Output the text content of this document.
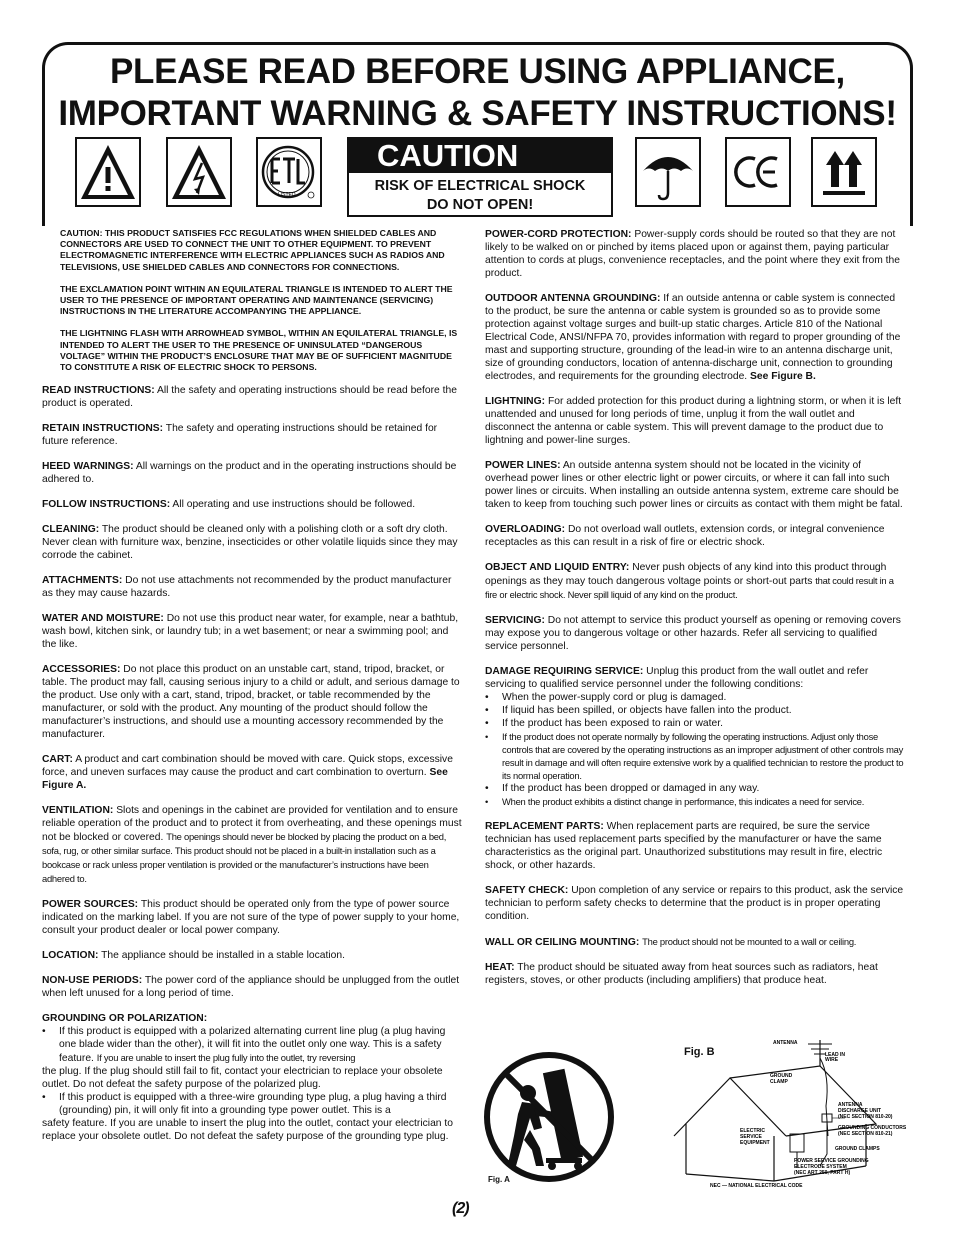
PLEASE READ BEFORE USING APPLIANCE,
IMPORTANT WARNING & SAFETY INSTRUCTIONS!
LISTED
CAUTION
RISK OF ELECTRICAL SHOCK
DO NOT OPEN!
CAUTION: THIS PRODUCT SATISFIES FCC REGULATIONS WHEN SHIELDED CABLES AND CONNECTORS ARE USED TO CONNECT THE UNIT TO OTHER EQUIPMENT. TO PREVENT ELECTROMAGNETIC INTERFERENCE WITH ELECTRIC APPLIANCES SUCH AS RADIOS AND TELEVISIONS, USE SHIELDED CABLES AND CONNECTORS FOR CONNECTIONS.
THE EXCLAMATION POINT WITHIN AN EQUILATERAL TRIANGLE IS INTENDED TO ALERT THE USER TO THE PRESENCE OF IMPORTANT OPERATING AND MAINTENANCE (SERVICING) INSTRUCTIONS IN THE LITERATURE ACCOMPANYING THE APPLIANCE.
THE LIGHTNING FLASH WITH ARROWHEAD SYMBOL, WITHIN AN EQUILATERAL TRIANGLE, IS INTENDED TO ALERT THE USER TO THE PRESENCE OF UNINSULATED “DANGEROUS VOLTAGE” WITHIN THE PRODUCT’S ENCLOSURE THAT MAY BE OF SUFFICIENT MAGNITUDE TO CONSTITUTE A RISK OF ELECTRIC SHOCK TO PERSONS.
READ INSTRUCTIONS: All the safety and operating instructions should be read before the product is operated.
RETAIN INSTRUCTIONS: The safety and operating instructions should be retained for future reference.
HEED WARNINGS: All warnings on the product and in the operating instructions should be adhered to.
FOLLOW INSTRUCTIONS: All operating and use instructions should be followed.
CLEANING: The product should be cleaned only with a polishing cloth or a soft dry cloth. Never clean with furniture wax, benzine, insecticides or other volatile liquids since they may corrode the cabinet.
ATTACHMENTS: Do not use attachments not recommended by the product manufacturer as they may cause hazards.
WATER AND MOISTURE: Do not use this product near water, for example, near a bathtub, wash bowl, kitchen sink, or laundry tub; in a wet basement; or near a swimming pool; and the like.
ACCESSORIES: Do not place this product on an unstable cart, stand, tripod, bracket, or table. The product may fall, causing serious injury to a child or adult, and serious damage to the product. Use only with a cart, stand, tripod, bracket, or table recommended by the manufacturer, or sold with the product. Any mounting of the product should follow the manufacturer’s instructions, and should use a mounting accessory recommended by the manufacturer.
CART: A product and cart combination should be moved with care. Quick stops, excessive force, and uneven surfaces may cause the product and cart combination to overturn. See Figure A.
VENTILATION: Slots and openings in the cabinet are provided for ventilation and to ensure reliable operation of the product and to protect it from overheating, and these openings must not be blocked or covered. The openings should never be blocked by placing the product on a bed, sofa, rug, or other similar surface. This product should not be placed in a built-in installation such as a bookcase or rack unless proper ventilation is provided or the manufacturer’s instructions have been adhered to.
POWER SOURCES: This product should be operated only from the type of power source indicated on the marking label. If you are not sure of the type of power supply to your home, consult your product dealer or local power company.
LOCATION: The appliance should be installed in a stable location.
NON-USE PERIODS: The power cord of the appliance should be unplugged from the outlet when left unused for a long period of time.
GROUNDING OR POLARIZATION:
• If this product is equipped with a polarized alternating current line plug (a plug having one blade wider than the other), it will fit into the outlet only one way. This is a safety feature. If you are unable to insert the plug fully into the outlet, try reversing
the plug. If the plug should still fail to fit, contact your electrician to replace your obsolete outlet. Do not defeat the safety purpose of the polarized plug.
• If this product is equipped with a three-wire grounding type plug, a plug having a third (grounding) pin, it will only fit into a grounding type power outlet. This is a
safety feature. If you are unable to insert the plug into the outlet, contact your electrician to replace your obsolete outlet. Do not defeat the safety purpose of the grounding type plug.
POWER-CORD PROTECTION: Power-supply cords should be routed so that they are not likely to be walked on or pinched by items placed upon or against them, paying particular attention to cords at plugs, convenience receptacles, and the point where they exit from the product.
OUTDOOR ANTENNA GROUNDING: If an outside antenna or cable system is connected to the product, be sure the antenna or cable system is grounded so as to provide some protection against voltage surges and built-up static charges. Article 810 of the National Electrical Code, ANSI/NFPA 70, provides information with regard to proper grounding of the mast and supporting structure, grounding of the lead-in wire to an antenna discharge unit, size of grounding conductors, location of antenna-discharge unit, connection to grounding electrodes, and requirements for the grounding electrode. See Figure B.
LIGHTNING: For added protection for this product during a lightning storm, or when it is left unattended and unused for long periods of time, unplug it from the wall outlet and disconnect the antenna or cable system. This will prevent damage to the product due to lightning and power-line surges.
POWER LINES: An outside antenna system should not be located in the vicinity of overhead power lines or other electric light or power circuits, or where it can fall into such power lines or circuits. When installing an outside antenna system, extreme care should be taken to keep from touching such power lines or circuits as contact with them might be fatal.
OVERLOADING: Do not overload wall outlets, extension cords, or integral convenience receptacles as this can result in a risk of fire or electric shock.
OBJECT AND LIQUID ENTRY: Never push objects of any kind into this product through openings as they may touch dangerous voltage points or short-out parts that could result in a fire or electric shock. Never spill liquid of any kind on the product.
SERVICING: Do not attempt to service this product yourself as opening or removing covers may expose you to dangerous voltage or other hazards. Refer all servicing to qualified service personnel.
DAMAGE REQUIRING SERVICE: Unplug this product from the wall outlet and refer servicing to qualified service personnel under the following conditions:
• When the power-supply cord or plug is damaged.
• If liquid has been spilled, or objects have fallen into the product.
• If the product has been exposed to rain or water.
• If the product does not operate normally by following the operating instructions. Adjust only those controls that are covered by the operating instructions as an improper adjustment of other controls may result in damage and will often require extensive work by a qualified technician to restore the product to its normal operation.
• If the product has been dropped or damaged in any way.
• When the product exhibits a distinct change in performance, this indicates a need for service.
REPLACEMENT PARTS: When replacement parts are required, be sure the service technician has used replacement parts specified by the manufacturer or have the same characteristics as the original part. Unauthorized substitutions may result in fire, electric shock, or other hazards.
SAFETY CHECK: Upon completion of any service or repairs to this product, ask the service technician to perform safety checks to determine that the product is in proper operating condition.
WALL OR CEILING MOUNTING: The product should not be mounted to a wall or ceiling.
HEAT: The product should be situated away from heat sources such as radiators, heat registers, stoves, or other products (including amplifiers) that produce heat.
Fig. A
ANTENNA
LEAD IN
WIRE
GROUND
CLAMP
ANTENNA
DISCHARGE UNIT
(NEC SECTION 810-20)
GROUNDING CONDUCTORS
(NEC SECTION 810-21)
ELECTRIC
SERVICE
EQUIPMENT
GROUND CLAMPS
POWER SERVICE GROUNDING
ELECTRODE SYSTEM
(NEC ART 250, PART H)
NEC — NATIONAL ELECTRICAL CODE
Fig. B
(2)
